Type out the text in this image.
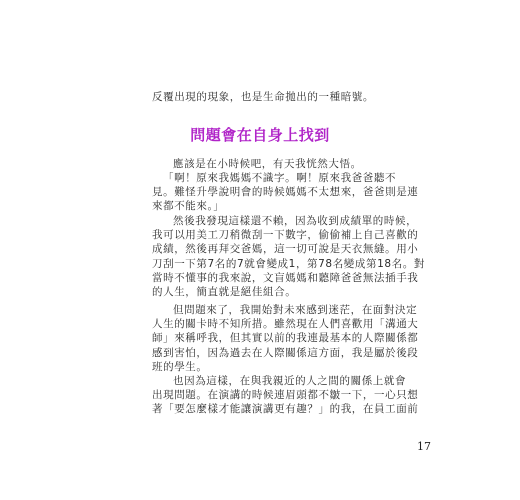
反覆出現的現象，也是生命拋出的一種暗號。
問題會在自身上找到
應該是在小時候吧，有天我恍然大悟。
「啊！原來我媽媽不識字。啊！原來我爸爸聽不
見。難怪升學說明會的時候媽媽不太想來，爸爸則是連
來都不能來。」
然後我發現這樣還不賴，因為收到成績單的時候，
我可以用美工刀稍微刮一下數字，偷偷補上自己喜歡的
成績，然後再拜交爸媽，這一切可說是天衣無縫。用小
刀刮一下第7名的7就會變成1，第78名變成第18名。對
當時不懂事的我來說，文盲媽媽和聽障爸爸無法插手我
的人生，簡直就是絕佳組合。
但問題來了，我開始對未來感到迷茫，在面對決定
人生的關卡時不知所措。雖然現在人們喜歡用「溝通大
師」來稱呼我，但其實以前的我連最基本的人際關係都
感到害怕，因為過去在人際關係這方面，我是屬於後段
班的學生。
也因為這樣，在與我親近的人之間的關係上就會
出現問題。在演講的時候連眉頭都不皺一下，一心只想
著「要怎麼樣才能讓演講更有趣？」的我，在員工面前
17
